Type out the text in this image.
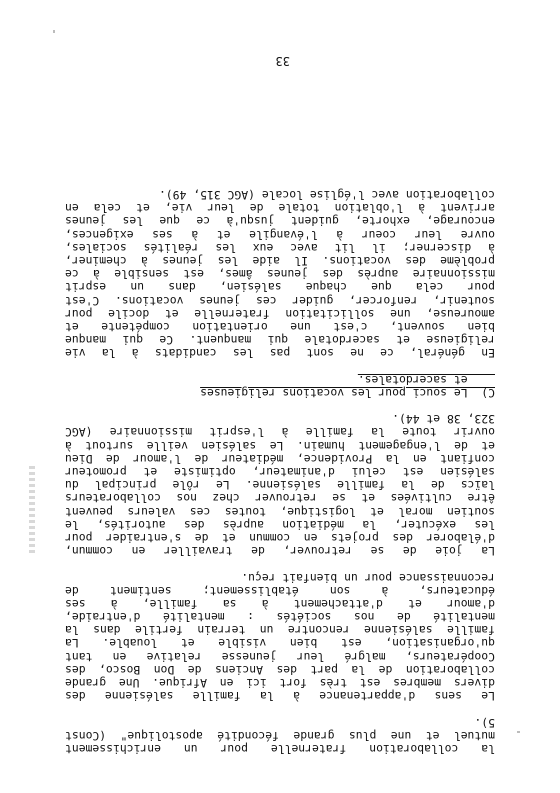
la collaboration fraternelle pour un enrichissement
mutuel et une plus grande fécondité apostolique" (Const
5).
Le sens d'appartenance à la famille salésienne des
divers membres est très fort ici en Afrique. Une grande
collaboration de la part des Anciens de Don Bosco, des
Coopérateurs, malgré leur jeunesse relative en tant
qu'organisation, est bien visible et louable. La
famille salésienne rencontre un terrain fertile dans la
mentalité de nos sociétés : mentalité d'entraide,
d'amour et d'attachement à sa famille, à ses
éducateurs, à son établissement; sentiment de
reconnaissance pour un bienfait reçu.
La joie de se retrouver, de travailler en commun,
d'élaborer des projets en commun et de s'entraider pour
les exécuter, la médiation auprès des autorités, le
soutien moral et logistique, toutes ces valeurs peuvent
être cultivées et se retrouver chez nos collaborateurs
laïcs de la famille salésienne. Le rôle principal du
salésien est celui d'animateur, optimiste et promoteur
confiant en la Providence, médiateur de l'amour de Dieu
et de l'engagement humain. Le salésien veille surtout à
ouvrir toute la famille à l'esprit missionnaire (AGC
323, 38 et 44).
C)  Le souci pour les vocations religieuses
et sacerdotales.
En général, ce ne sont pas les candidats à la vie
religieuse et sacerdotale qui manquent. Ce qui manque
bien souvent, c'est une orientation compétente et
amoureuse, une sollicitation fraternelle et docile pour
soutenir, renforcer, guider ces jeunes vocations. C'est
pour cela que chaque salésien, dans un esprit
missionnaire auprès des jeunes âmes, est sensible à ce
problème des vocations. Il aide les jeunes à cheminer,
à discerner; il lit avec eux les réalités sociales,
ouvre leur coeur à l'évangile et à ses exigences,
encourage, exhorte, guident jusqu'à ce que les jeunes
arrivent à l'oblation totale de leur vie, et cela en
collaboration avec l'église locale (AGC 315, 49).
33
